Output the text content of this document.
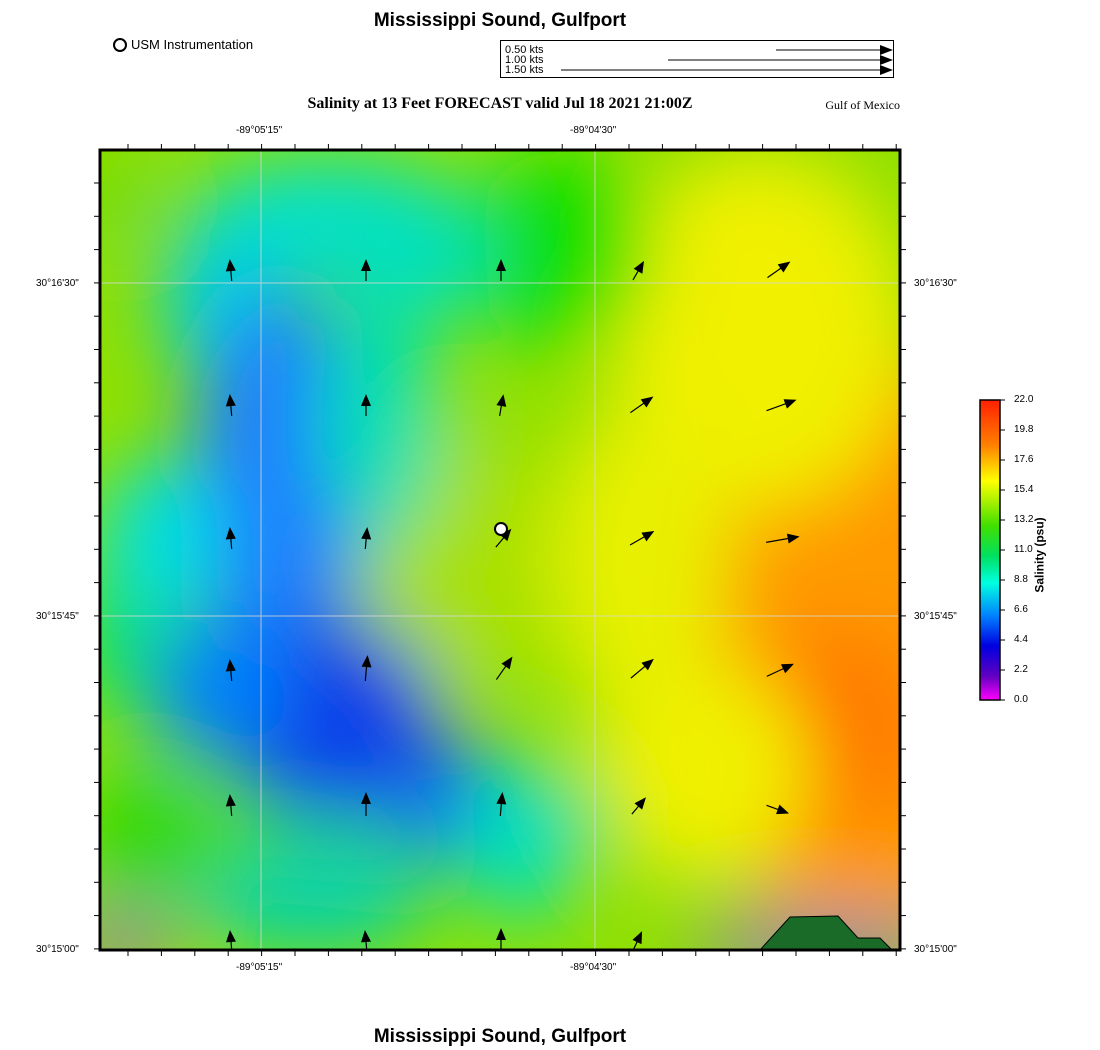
Mississippi Sound, Gulfport
USM Instrumentation
Salinity at 13 Feet FORECAST valid Jul 18 2021 21:00Z	Gulf of Mexico
0.50 kts
1.00 kts
1.50 kts
-89°05'15"	-89°04'30"
-89°05'15"	-89°04'30"
30°16'30"
30°15'45"
30°15'00"
30°16'30"
30°15'45"
30°15'00"
22.0
19.8
17.6
15.4
13.2
11.0
8.8
6.6
4.4
2.2
0.0
Salinity (psu)
Mississippi Sound, Gulfport
